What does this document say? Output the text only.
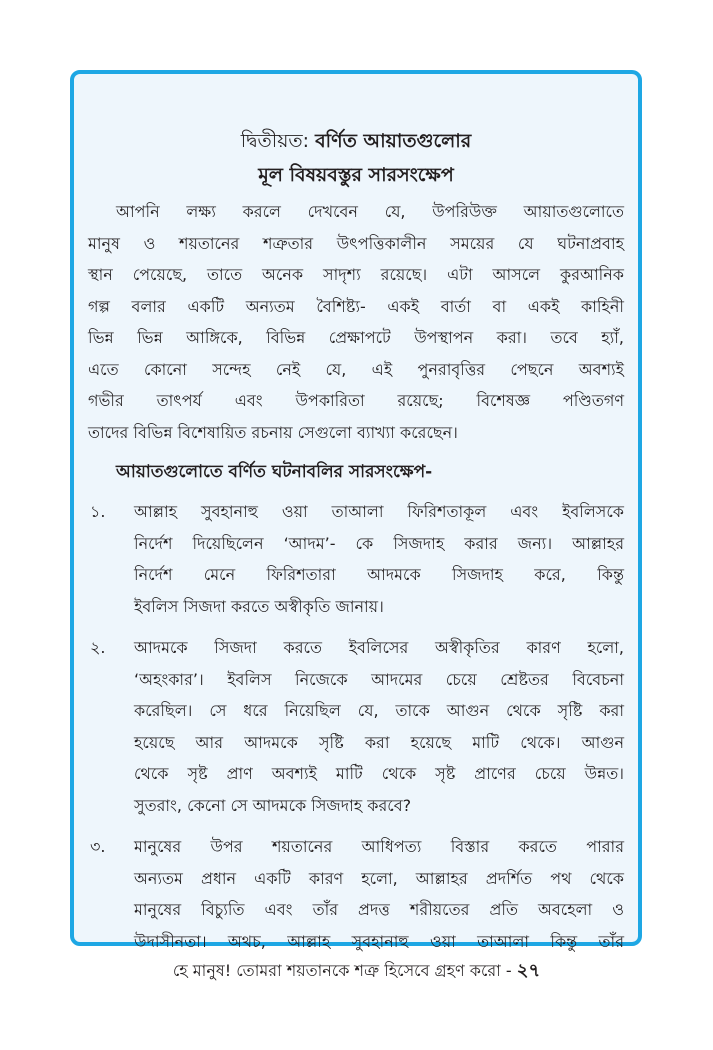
দ্বিতীয়ত: বর্ণিত আয়াতগুলোর
মূল বিষয়বস্তুর সারসংক্ষেপ
আপনি লক্ষ্য করলে দেখবেন যে, উপরিউক্ত আয়াতগুলোতে
মানুষ ও শয়তানের শত্রুতার উৎপত্তিকালীন সময়ের যে ঘটনাপ্রবাহ
স্থান পেয়েছে, তাতে অনেক সাদৃশ্য রয়েছে। এটা আসলে কুরআনিক
গল্প বলার একটি অন্যতম বৈশিষ্ট্য- একই বার্তা বা একই কাহিনী
ভিন্ন ভিন্ন আঙ্গিকে, বিভিন্ন প্রেক্ষাপটে উপস্থাপন করা। তবে হ্যাঁ,
এতে কোনো সন্দেহ নেই যে, এই পুনরাবৃত্তির পেছনে অবশ্যই
গভীর তাৎপর্য এবং উপকারিতা রয়েছে; বিশেষজ্ঞ পণ্ডিতগণ
তাদের বিভিন্ন বিশেষায়িত রচনায় সেগুলো ব্যাখ্যা করেছেন।
আয়াতগুলোতে বর্ণিত ঘটনাবলির সারসংক্ষেপ-
১. আল্লাহ সুবহানাহু ওয়া তাআলা ফিরিশতাকূল এবং ইবলিসকে
নির্দেশ দিয়েছিলেন ‘আদম’- কে সিজদাহ করার জন্য। আল্লাহর
নির্দেশ মেনে ফিরিশতারা আদমকে সিজদাহ করে, কিন্তু
ইবলিস সিজদা করতে অস্বীকৃতি জানায়।
২. আদমকে সিজদা করতে ইবলিসের অস্বীকৃতির কারণ হলো,
‘অহংকার’। ইবলিস নিজেকে আদমের চেয়ে শ্রেষ্টতর বিবেচনা
করেছিল। সে ধরে নিয়েছিল যে, তাকে আগুন থেকে সৃষ্টি করা
হয়েছে আর আদমকে সৃষ্টি করা হয়েছে মাটি থেকে। আগুন
থেকে সৃষ্ট প্রাণ অবশ্যই মাটি থেকে সৃষ্ট প্রাণের চেয়ে উন্নত।
সুতরাং, কেনো সে আদমকে সিজদাহ করবে?
৩. মানুষের উপর শয়তানের আধিপত্য বিস্তার করতে পারার
অন্যতম প্রধান একটি কারণ হলো, আল্লাহর প্রদর্শিত পথ থেকে
মানুষের বিচ্যুতি এবং তাঁর প্রদত্ত শরীয়তের প্রতি অবহেলা ও
উদাসীনতা। অথচ, আল্লাহ সুবহানাহু ওয়া তাআলা কিন্তু তাঁর
হে মানুষ! তোমরা শয়তানকে শত্রু হিসেবে গ্রহণ করো - ২৭
